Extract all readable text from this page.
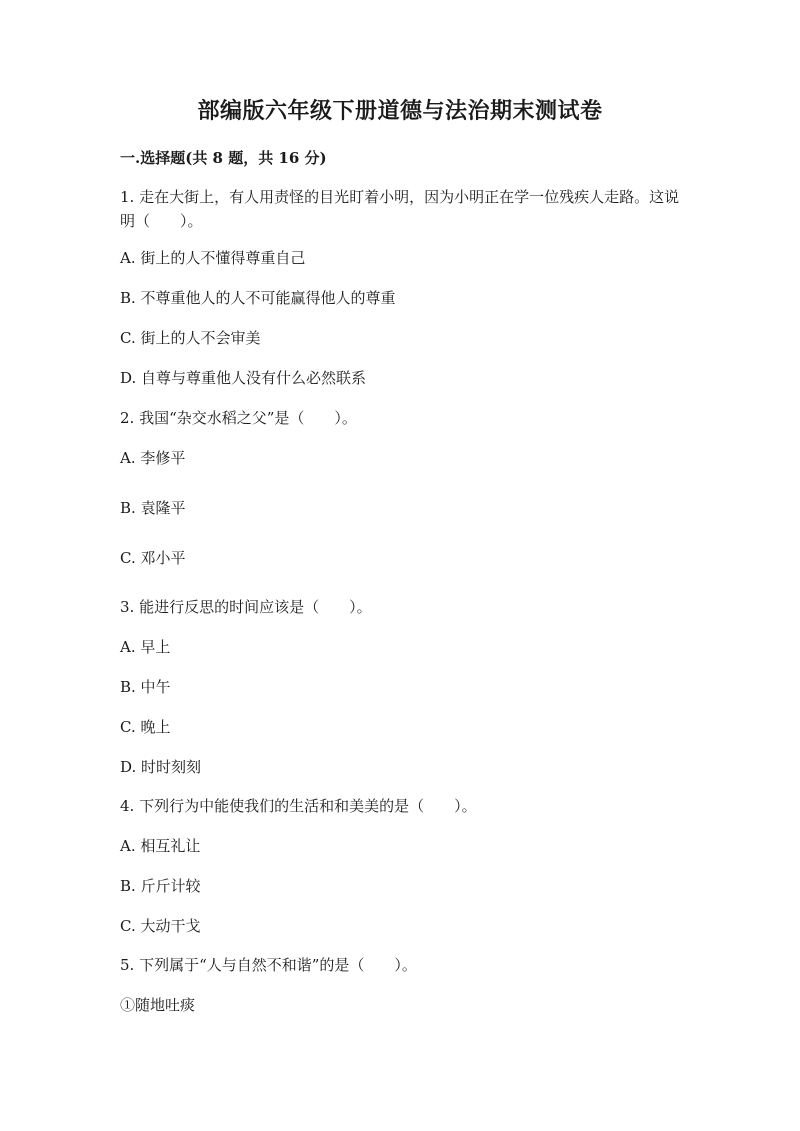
部编版六年级下册道德与法治期末测试卷
一.选择题(共 8 题，共 16 分)
1. 走在大街上，有人用责怪的目光盯着小明，因为小明正在学一位残疾人走路。这说明（　　）。
A. 街上的人不懂得尊重自己
B. 不尊重他人的人不可能赢得他人的尊重
C. 街上的人不会审美
D. 自尊与尊重他人没有什么必然联系
2. 我国“杂交水稻之父”是（　　）。
A. 李修平
B. 袁隆平
C. 邓小平
3. 能进行反思的时间应该是（　　）。
A. 早上
B. 中午
C. 晚上
D. 时时刻刻
4. 下列行为中能使我们的生活和和美美的是（　　）。
A. 相互礼让
B. 斤斤计较
C. 大动干戈
5. 下列属于“人与自然不和谐”的是（　　）。
①随地吐痰
